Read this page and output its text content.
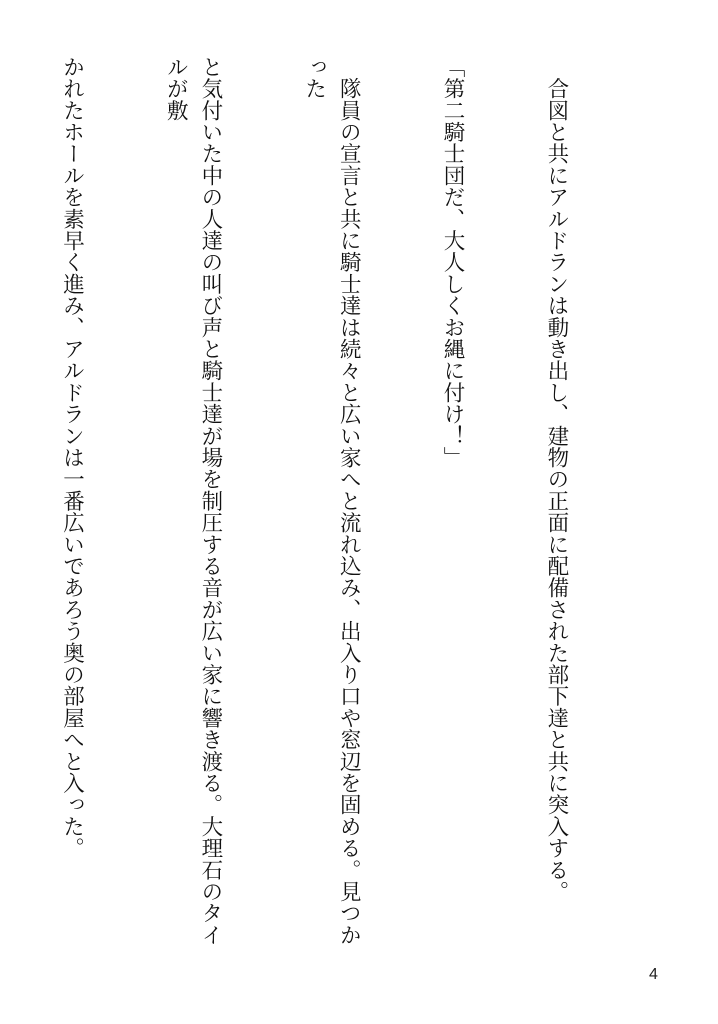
　合図と共にアルドランは動き出し、建物の正面に配備された部下達と共に突入する。

「第二騎士団だ、大人しくお縄に付け！」

　隊員の宣言と共に騎士達は続々と広い家へと流れ込み、出入り口や窓辺を固める。見つかった

と気付いた中の人達の叫び声と騎士達が場を制圧する音が広い家に響き渡る。大理石のタイルが敷

かれたホールを素早く進み、アルドランは一番広いであろう奥の部屋へと入った。

4
